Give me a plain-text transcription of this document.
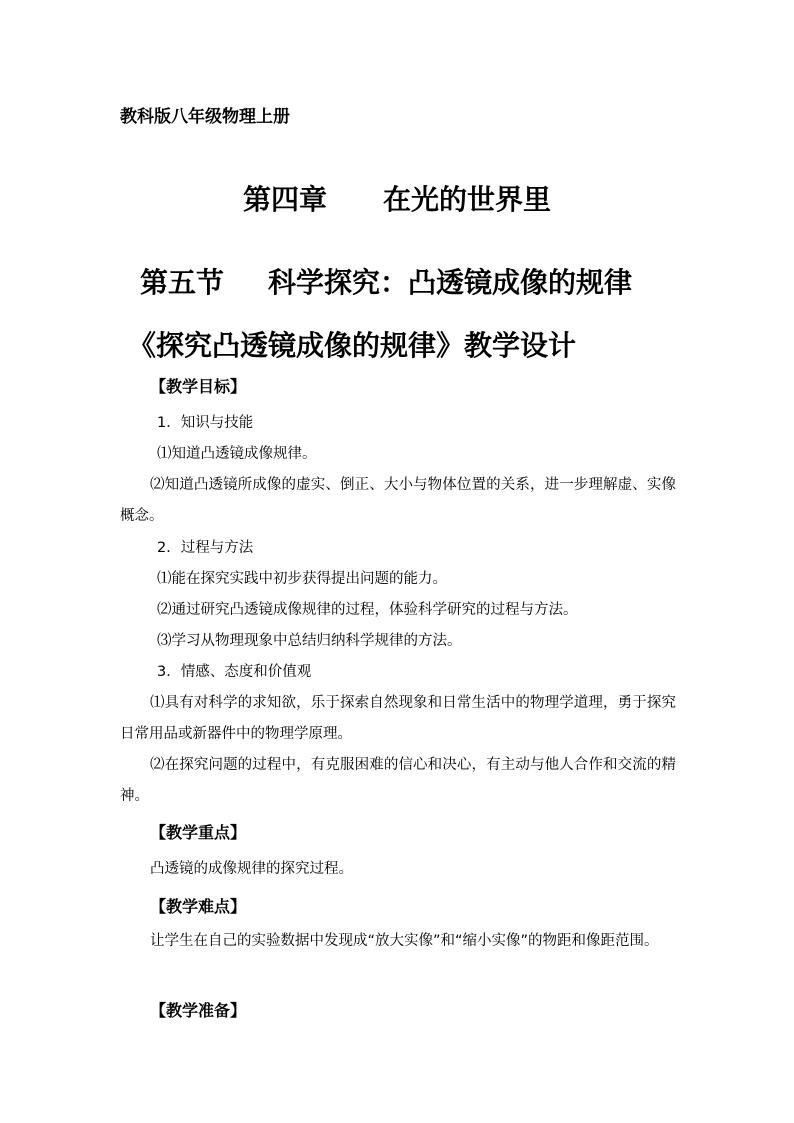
教科版八年级物理上册

第四章 在光的世界里
第五节 科学探究：凸透镜成像的规律
《探究凸透镜成像的规律》教学设计
【教学目标】

1．知识与技能

⑴知道凸透镜成像规律。

⑵知道凸透镜所成像的虚实、倒正、大小与物体位置的关系，进一步理解虚、实像概念。

2．过程与方法

⑴能在探究实践中初步获得提出问题的能力。

⑵通过研究凸透镜成像规律的过程，体验科学研究的过程与方法。

⑶学习从物理现象中总结归纳科学规律的方法。

3．情感、态度和价值观

⑴具有对科学的求知欲，乐于探索自然现象和日常生活中的物理学道理，勇于探究日常用品或新器件中的物理学原理。

⑵在探究问题的过程中，有克服困难的信心和决心，有主动与他人合作和交流的精神。

【教学重点】

凸透镜的成像规律的探究过程。

【教学难点】

让学生在自己的实验数据中发现成“放大实像”和“缩小实像”的物距和像距范围。

【教学准备】
